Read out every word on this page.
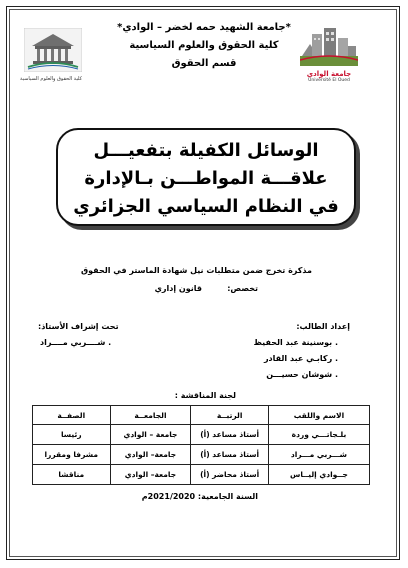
*جامعة الشهيد حمه لخضر – الوادي*
كلية الحقوق والعلوم السياسية
قسم الحقوق
جامعة الوادي
Université El Oued
كلية الحقوق والعلوم السياسية
الوسائل الكفيلة بتفعيـــل
علاقـــة المواطـــن بـالإدارة
في النظام السياسي الجزائري
مذكرة تخرج ضمن متطلبات نيل شهادة الماستر في الحقوق
تخصص:
قانون إداري
إعداد الطالب:
. بوسنينة عبد الحفيظ
. ركابـي عبد القادر
. شوشان حسيـــن
تحت إشراف الأستاذ:
. شــــربي مــــراد
لجنة المناقشة :
الاسم واللقب	الرتبــة	الجامعــة	الصفــة
بلـجاتـــي وردة	أستاذ مساعد (أ)	جامعة – الوادي	رئيسا
شـــربي مـــراد	أستاذ مساعد (أ)	جامعة– الوادي	مشرفا ومقررا
جــوادي إليــاس	أستاذ محاضر (أ)	جامعة– الوادي	مناقشا
السنة الجامعية: 2021/2020م
